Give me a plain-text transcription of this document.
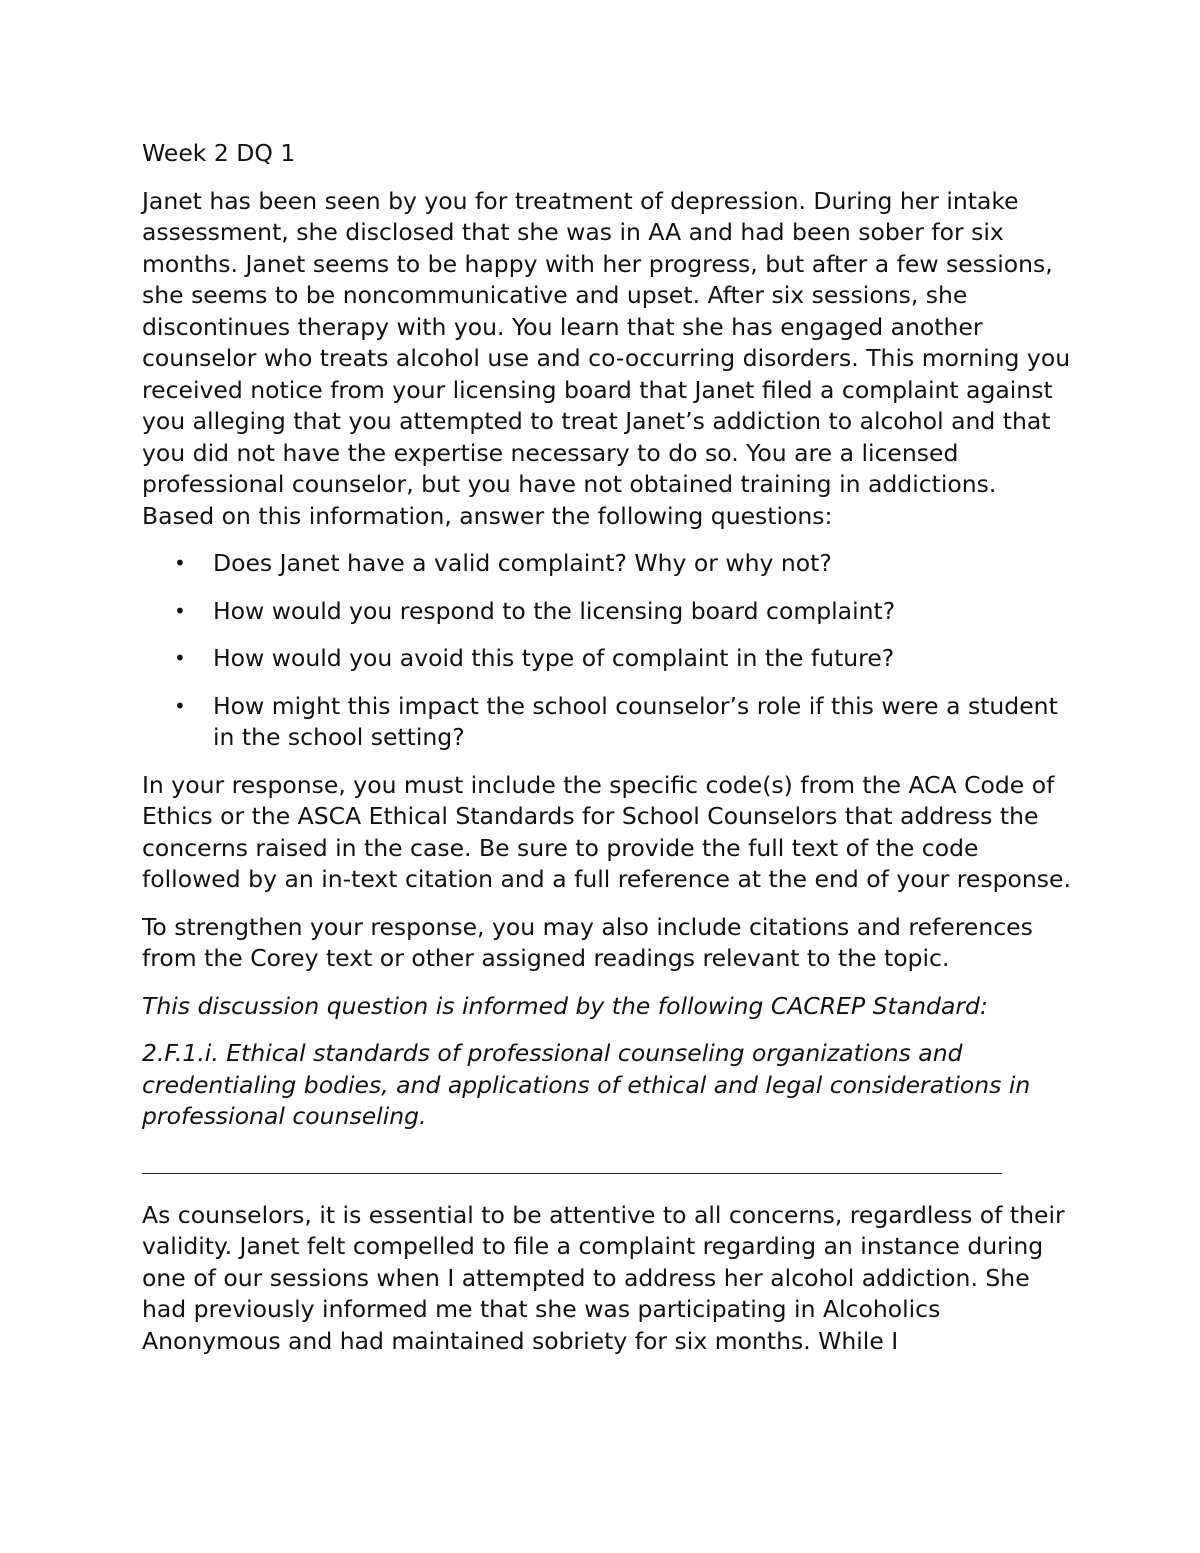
Week 2 DQ 1

Janet has been seen by you for treatment of depression. During her intake assessment, she disclosed that she was in AA and had been sober for six months. Janet seems to be happy with her progress, but after a few sessions, she seems to be noncommunicative and upset. After six sessions, she discontinues therapy with you. You learn that she has engaged another counselor who treats alcohol use and co-occurring disorders. This morning you received notice from your licensing board that Janet filed a complaint against you alleging that you attempted to treat Janet’s addiction to alcohol and that you did not have the expertise necessary to do so. You are a licensed professional counselor, but you have not obtained training in addictions. Based on this information, answer the following questions:

• Does Janet have a valid complaint? Why or why not?
• How would you respond to the licensing board complaint?
• How would you avoid this type of complaint in the future?
• How might this impact the school counselor’s role if this were a student in the school setting?

In your response, you must include the specific code(s) from the ACA Code of Ethics or the ASCA Ethical Standards for School Counselors that address the concerns raised in the case. Be sure to provide the full text of the code followed by an in-text citation and a full reference at the end of your response.

To strengthen your response, you may also include citations and references from the Corey text or other assigned readings relevant to the topic.

This discussion question is informed by the following CACREP Standard:

2.F.1.i. Ethical standards of professional counseling organizations and credentialing bodies, and applications of ethical and legal considerations in professional counseling.

As counselors, it is essential to be attentive to all concerns, regardless of their validity. Janet felt compelled to file a complaint regarding an instance during one of our sessions when I attempted to address her alcohol addiction. She had previously informed me that she was participating in Alcoholics Anonymous and had maintained sobriety for six months. While I
